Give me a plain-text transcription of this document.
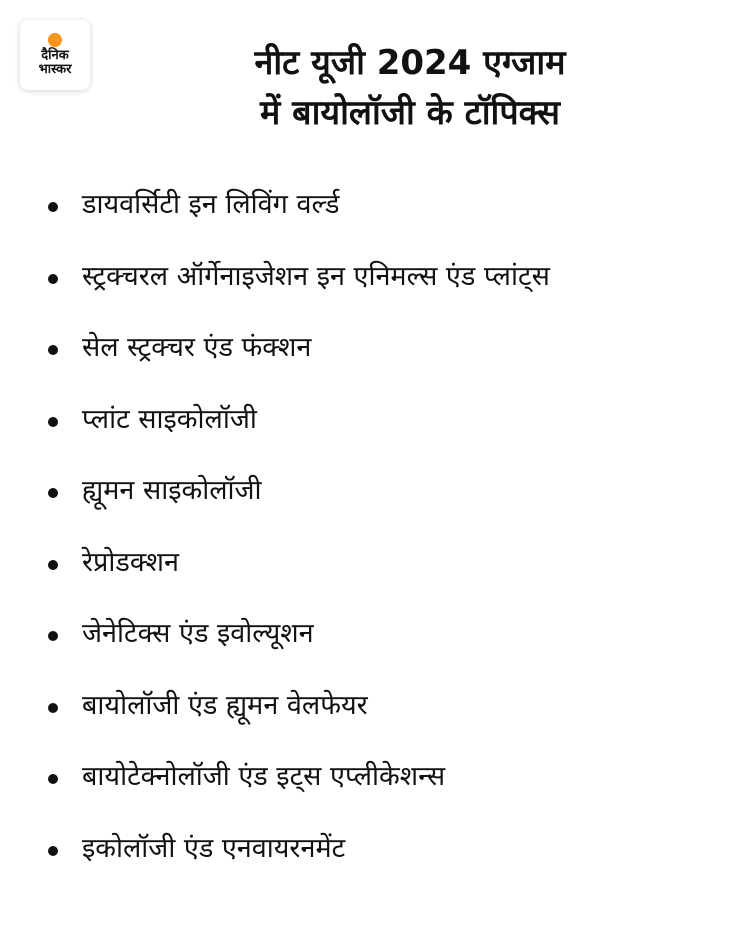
दैनिक
भास्कर	नीट यूजी 2024 एग्जाम
में बायोलॉजी के टॉपिक्स
डायवर्सिटी इन लिविंग वर्ल्ड
स्ट्रक्चरल ऑर्गेनाइजेशन इन एनिमल्स एंड प्लांट्स
सेल स्ट्रक्चर एंड फंक्शन
प्लांट साइकोलॉजी
ह्यूमन साइकोलॉजी
रेप्रोडक्शन
जेनेटिक्स एंड इवोल्यूशन
बायोलॉजी एंड ह्यूमन वेलफेयर
बायोटेक्नोलॉजी एंड इट्स एप्लीकेशन्स
इकोलॉजी एंड एनवायरनमेंट
